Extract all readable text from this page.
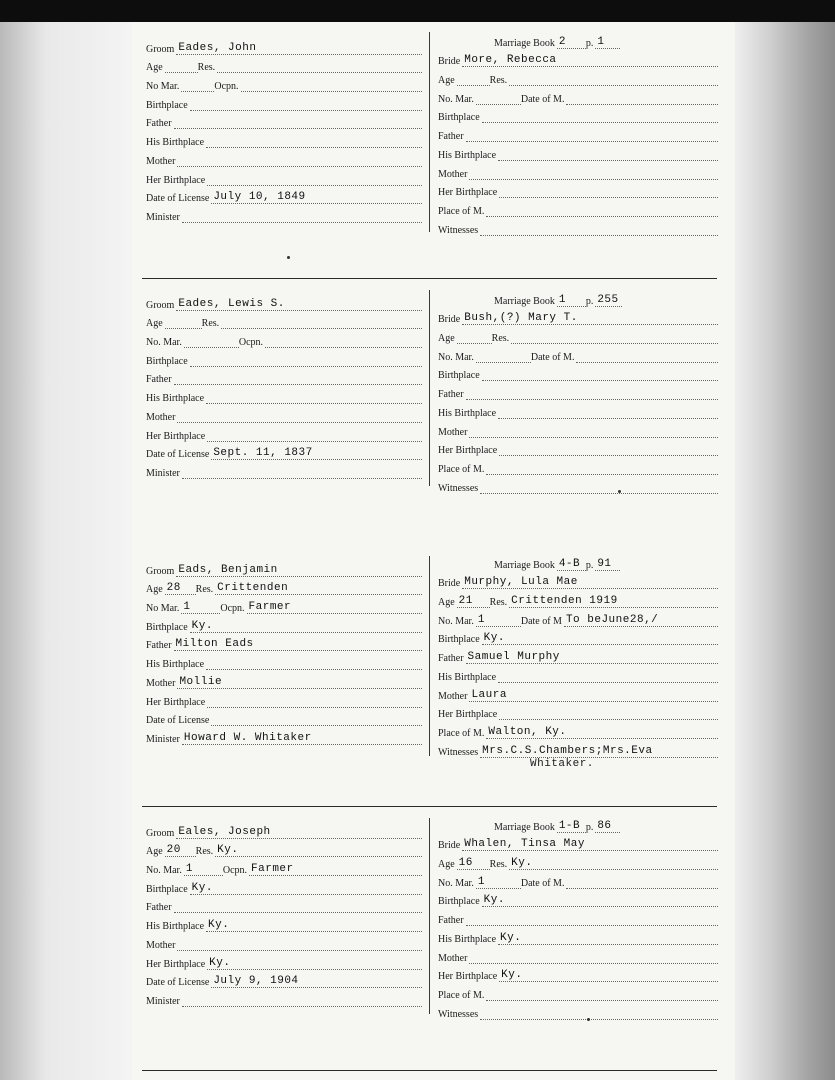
Groom Eades, John
Age	Res.
No Mar.	Ocpn.
Birthplace
Father
His Birthplace
Mother
Her Birthplace
Date of License July 10, 1849
Minister
Marriage Book 2	p. 1
Bride More, Rebecca
Age	Res.
No. Mar.	Date of M.
Birthplace
Father
His Birthplace
Mother
Her Birthplace
Place of M.
Witnesses
Groom Eades, Lewis S.
Age	Res.
No. Mar.	Ocpn.
Birthplace
Father
His Birthplace
Mother
Her Birthplace
Date of License Sept. 11, 1837
Minister
Marriage Book 1	p. 255
Bride Bush,(?) Mary T.
Age	Res.
No. Mar.	Date of M.
Birthplace
Father
His Birthplace
Mother
Her Birthplace
Place of M.
Witnesses
Groom Eads, Benjamin
Age 28	Res. Crittenden
No Mar. 1	Ocpn. Farmer
Birthplace Ky.
Father Milton Eads
His Birthplace
Mother Mollie
Her Birthplace
Date of License
Minister Howard W. Whitaker
Marriage Book 4-B p. 91
Bride Murphy, Lula Mae
Age 21	Res. Crittenden 1919
No. Mar. 1	Date of M To beJune28,/
Birthplace Ky.
Father Samuel Murphy
His Birthplace
Mother Laura
Her Birthplace
Place of M. Walton, Ky.
Witnesses Mrs.C.S.Chambers;Mrs.Eva
Whitaker.
Groom Eales, Joseph
Age 20	Res. Ky.
No. Mar. 1	Ocpn. Farmer
Birthplace Ky.
Father
His Birthplace Ky.
Mother
Her Birthplace Ky.
Date of License July 9, 1904
Minister
Marriage Book 1-B p. 86
Bride Whalen, Tinsa May
Age 16	Res. Ky.
No. Mar. 1	Date of M.
Birthplace Ky.
Father
His Birthplace Ky.
Mother
Her Birthplace Ky.
Place of M.
Witnesses
